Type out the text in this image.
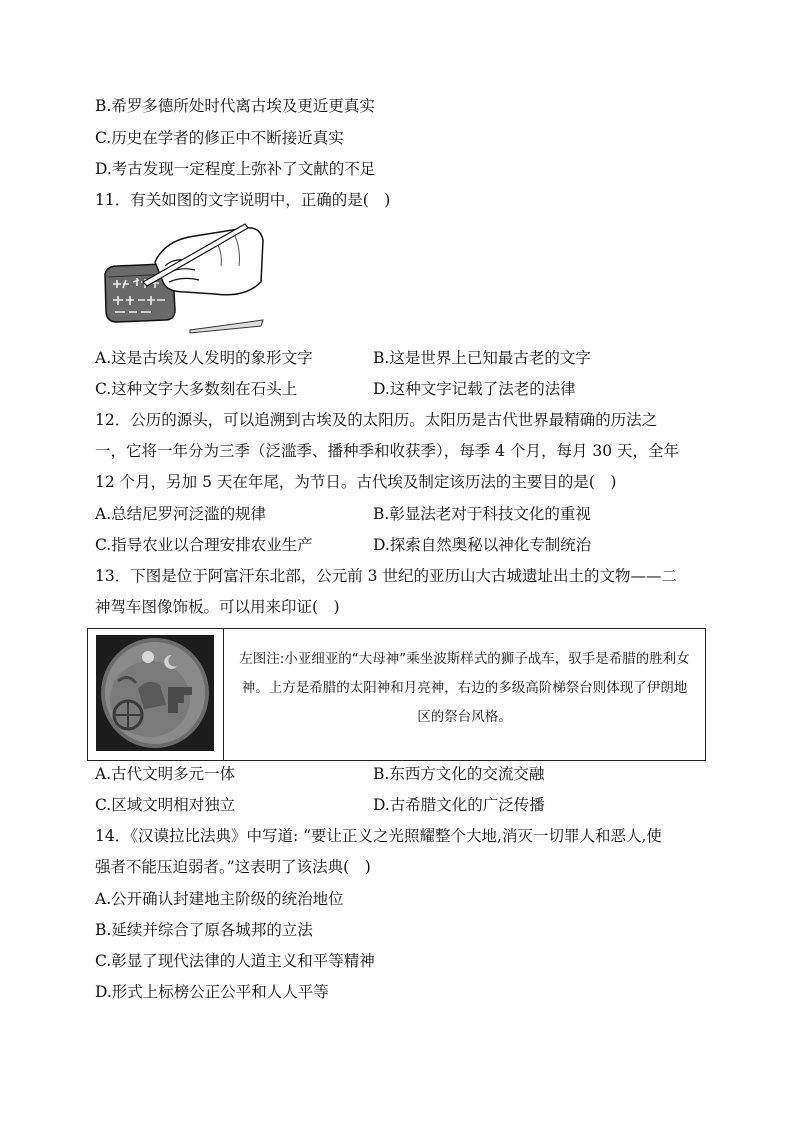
B.希罗多德所处时代离古埃及更近更真实
C.历史在学者的修正中不断接近真实
D.考古发现一定程度上弥补了文献的不足
11．有关如图的文字说明中，正确的是(　)
A.这是古埃及人发明的象形文字	B.这是世界上已知最古老的文字
C.这种文字大多数刻在石头上	D.这种文字记载了法老的法律
12．公历的源头，可以追溯到古埃及的太阳历。太阳历是古代世界最精确的历法之
一，它将一年分为三季（泛滥季、播种季和收获季），每季 4 个月，每月 30 天，全年
12 个月，另加 5 天在年尾，为节日。古代埃及制定该历法的主要目的是(　)
A.总结尼罗河泛滥的规律	B.彰显法老对于科技文化的重视
C.指导农业以合理安排农业生产	D.探索自然奥秘以神化专制统治
13．下图是位于阿富汗东北部，公元前 3 世纪的亚历山大古城遗址出土的文物——二
神驾车图像饰板。可以用来印证(　)
左图注:小亚细亚的“大母神”乘坐波斯样式的狮子战车，驭手是希腊的胜利女神。上方是希腊的太阳神和月亮神，右边的多级高阶梯祭台则体现了伊朗地区的祭台风格。
A.古代文明多元一体	B.东西方文化的交流交融
C.区域文明相对独立	D.古希腊文化的广泛传播
14．《汉谟拉比法典》中写道: “要让正义之光照耀整个大地,消灭一切罪人和恶人,使
强者不能压迫弱者。”这表明了该法典(　)
A.公开确认封建地主阶级的统治地位
B.延续并综合了原各城邦的立法
C.彰显了现代法律的人道主义和平等精神
D.形式上标榜公正公平和人人平等
